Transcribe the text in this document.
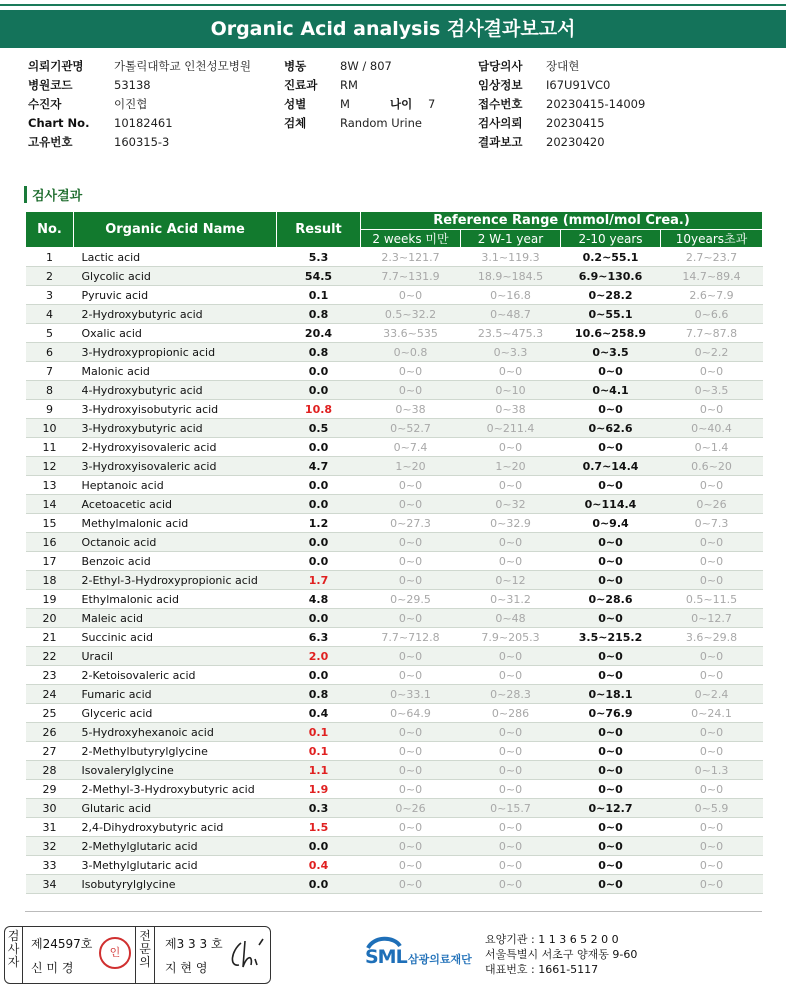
Organic Acid analysis 검사결과보고서
의뢰기관명	가톨릭대학교 인천성모병원
병원코드	53138
수진자	이진협
Chart No.	10182461
고유번호	160315-3
병동	8W / 807
진료과	RM
성별	M	나이	7
검체	Random Urine
담당의사	장대현
임상정보	I67U91VC0
접수번호	20230415-14009
검사의뢰	20230415
결과보고	20230420
검사결과
No.	Organic Acid Name	Result	Reference Range (mmol/mol Crea.)			
			2 weeks 미만	2 W-1 year	2-10 years	10years초과
1	Lactic acid	5.3	2.3~121.7	3.1~119.3	0.2~55.1	2.7~23.7
2	Glycolic acid	54.5	7.7~131.9	18.9~184.5	6.9~130.6	14.7~89.4
3	Pyruvic acid	0.1	0~0	0~16.8	0~28.2	2.6~7.9
4	2-Hydroxybutyric acid	0.8	0.5~32.2	0~48.7	0~55.1	0~6.6
5	Oxalic acid	20.4	33.6~535	23.5~475.3	10.6~258.9	7.7~87.8
6	3-Hydroxypropionic acid	0.8	0~0.8	0~3.3	0~3.5	0~2.2
7	Malonic acid	0.0	0~0	0~0	0~0	0~0
8	4-Hydroxybutyric acid	0.0	0~0	0~10	0~4.1	0~3.5
9	3-Hydroxyisobutyric acid	10.8	0~38	0~38	0~0	0~0
10	3-Hydroxybutyric acid	0.5	0~52.7	0~211.4	0~62.6	0~40.4
11	2-Hydroxyisovaleric acid	0.0	0~7.4	0~0	0~0	0~1.4
12	3-Hydroxyisovaleric acid	4.7	1~20	1~20	0.7~14.4	0.6~20
13	Heptanoic acid	0.0	0~0	0~0	0~0	0~0
14	Acetoacetic acid	0.0	0~0	0~32	0~114.4	0~26
15	Methylmalonic acid	1.2	0~27.3	0~32.9	0~9.4	0~7.3
16	Octanoic acid	0.0	0~0	0~0	0~0	0~0
17	Benzoic acid	0.0	0~0	0~0	0~0	0~0
18	2-Ethyl-3-Hydroxypropionic acid	1.7	0~0	0~12	0~0	0~0
19	Ethylmalonic acid	4.8	0~29.5	0~31.2	0~28.6	0.5~11.5
20	Maleic acid	0.0	0~0	0~48	0~0	0~12.7
21	Succinic acid	6.3	7.7~712.8	7.9~205.3	3.5~215.2	3.6~29.8
22	Uracil	2.0	0~0	0~0	0~0	0~0
23	2-Ketoisovaleric acid	0.0	0~0	0~0	0~0	0~0
24	Fumaric acid	0.8	0~33.1	0~28.3	0~18.1	0~2.4
25	Glyceric acid	0.4	0~64.9	0~286	0~76.9	0~24.1
26	5-Hydroxyhexanoic acid	0.1	0~0	0~0	0~0	0~0
27	2-Methylbutyrylglycine	0.1	0~0	0~0	0~0	0~0
28	Isovalerylglycine	1.1	0~0	0~0	0~0	0~1.3
29	2-Methyl-3-Hydroxybutyric acid	1.9	0~0	0~0	0~0	0~0
30	Glutaric acid	0.3	0~26	0~15.7	0~12.7	0~5.9
31	2,4-Dihydroxybutyric acid	1.5	0~0	0~0	0~0	0~0
32	2-Methylglutaric acid	0.0	0~0	0~0	0~0	0~0
33	3-Methylglutaric acid	0.4	0~0	0~0	0~0	0~0
34	Isobutyrylglycine	0.0	0~0	0~0	0~0	0~0
검
사
자
제24597호
신 미 경
인
전
문
의
제3 3 3 호
지 현 영	SML 삼광의료재단
요양기관 : 1 1 3 6 5 2 0 0
서울특별시 서초구 양재동 9-60
대표번호 : 1661-5117
